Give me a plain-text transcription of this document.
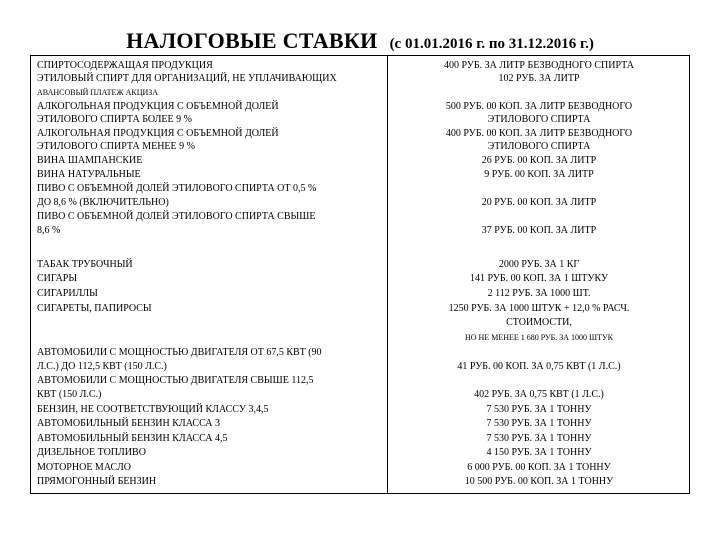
НАЛОГОВЫЕ СТАВКИ (с 01.01.2016 г. по 31.12.2016 г.)
СПИРТОСОДЕРЖАЩАЯ ПРОДУКЦИЯ
ЭТИЛОВЫЙ СПИРТ ДЛЯ ОРГАНИЗАЦИЙ, НЕ УПЛАЧИВАЮЩИХ
АВАНСОВЫЙ ПЛАТЕЖ АКЦИЗА
АЛКОГОЛЬНАЯ ПРОДУКЦИЯ С ОБЪЕМНОЙ ДОЛЕЙ
ЭТИЛОВОГО СПИРТА БОЛЕЕ 9 %
АЛКОГОЛЬНАЯ ПРОДУКЦИЯ С ОБЪЕМНОЙ ДОЛЕЙ
ЭТИЛОВОГО СПИРТА МЕНЕЕ 9 %
ВИНА ШАМПАНСКИЕ
ВИНА НАТУРАЛЬНЫЕ
ПИВО С ОБЪЕМНОЙ ДОЛЕЙ ЭТИЛОВОГО СПИРТА ОТ 0,5 %
ДО 8,6 % (ВКЛЮЧИТЕЛЬНО)
ПИВО С ОБЪЕМНОЙ ДОЛЕЙ ЭТИЛОВОГО СПИРТА СВЫШЕ
8,6 %
ТАБАК ТРУБОЧНЫЙ
СИГАРЫ
СИГАРИЛЛЫ
СИГАРЕТЫ, ПАПИРОСЫ
АВТОМОБИЛИ С МОЩНОСТЬЮ ДВИГАТЕЛЯ ОТ 67,5 КВТ (90
Л.С.) ДО 112,5 КВТ (150 Л.С.)
АВТОМОБИЛИ С МОЩНОСТЬЮ ДВИГАТЕЛЯ СВЫШЕ 112,5
КВТ (150 Л.С.)
БЕНЗИН, НЕ СООТВЕТСТВУЮЩИЙ КЛАССУ 3,4,5
АВТОМОБИЛЬНЫЙ БЕНЗИН КЛАССА 3
АВТОМОБИЛЬНЫЙ БЕНЗИН КЛАССА 4,5
ДИЗЕЛЬНОЕ ТОПЛИВО
МОТОРНОЕ МАСЛО
ПРЯМОГОННЫЙ БЕНЗИН
400 РУБ. ЗА ЛИТР БЕЗВОДНОГО СПИРТА
102 РУБ. ЗА ЛИТР
500 РУБ. 00 КОП. ЗА ЛИТР БЕЗВОДНОГО
ЭТИЛОВОГО СПИРТА
400 РУБ. 00 КОП. ЗА ЛИТР БЕЗВОДНОГО
ЭТИЛОВОГО СПИРТА
26 РУБ. 00 КОП. ЗА ЛИТР
9 РУБ. 00 КОП. ЗА ЛИТР
20 РУБ. 00 КОП. ЗА ЛИТР
37 РУБ. 00 КОП. ЗА ЛИТР
2000 РУБ. ЗА 1 КГ
141 РУБ. 00 КОП. ЗА 1 ШТУКУ
2 112 РУБ. ЗА 1000 ШТ.
1250 РУБ. ЗА 1000 ШТУК + 12,0 % РАСЧ.
СТОИМОСТИ,
НО НЕ МЕНЕЕ 1 680 РУБ. ЗА 1000 ШТУК
41 РУБ. 00 КОП. ЗА 0,75 КВТ (1 Л.С.)
402 РУБ. ЗА 0,75 КВТ (1 Л.С.)
7 530 РУБ. ЗА 1 ТОННУ
7 530 РУБ. ЗА 1 ТОННУ
7 530 РУБ. ЗА 1 ТОННУ
4 150 РУБ. ЗА 1 ТОННУ
6 000 РУБ. 00 КОП. ЗА 1 ТОННУ
10 500 РУБ. 00 КОП. ЗА 1 ТОННУ
